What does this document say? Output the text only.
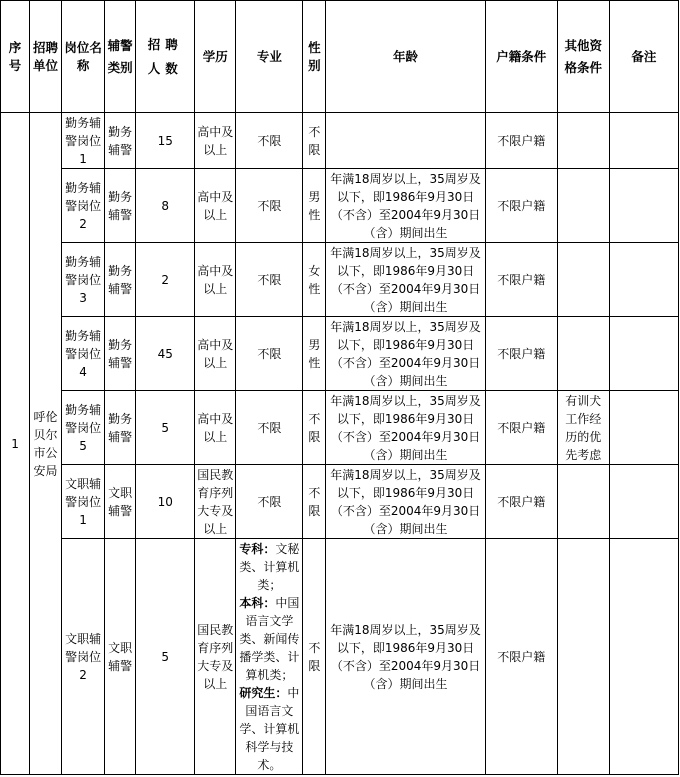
序号	招聘单位	岗位名称	辅警类别	招聘人数	学历	专业	性别	年龄	户籍条件	其他资格条件	备注
1	呼伦贝尔市公安局	勤务辅警岗位1	勤务辅警	15	高中及以上	不限	不限		不限户籍		
		勤务辅警岗位2	勤务辅警	8	高中及以上	不限	男性	年满18周岁以上，35周岁及以下，即1986年9月30日（不含）至2004年9月30日（含）期间出生	不限户籍		
		勤务辅警岗位3	勤务辅警	2	高中及以上	不限	女性	年满18周岁以上，35周岁及以下，即1986年9月30日（不含）至2004年9月30日（含）期间出生	不限户籍		
		勤务辅警岗位4	勤务辅警	45	高中及以上	不限	男性	年满18周岁以上，35周岁及以下，即1986年9月30日（不含）至2004年9月30日（含）期间出生	不限户籍		
		勤务辅警岗位5	勤务辅警	5	高中及以上	不限	不限	年满18周岁以上，35周岁及以下，即1986年9月30日（不含）至2004年9月30日（含）期间出生	不限户籍	有训犬工作经历的优先考虑	
		文职辅警岗位1	文职辅警	10	国民教育序列大专及以上	不限	不限	年满18周岁以上，35周岁及以下，即1986年9月30日（不含）至2004年9月30日（含）期间出生	不限户籍		
		文职辅警岗位2	文职辅警	5	国民教育序列大专及以上	专科：文秘类、计算机类；
本科：中国语言文学类、新闻传播学类、计算机类；
研究生：中国语言文学、计算机科学与技术。	不限	年满18周岁以上，35周岁及以下，即1986年9月30日（不含）至2004年9月30日（含）期间出生	不限户籍		
